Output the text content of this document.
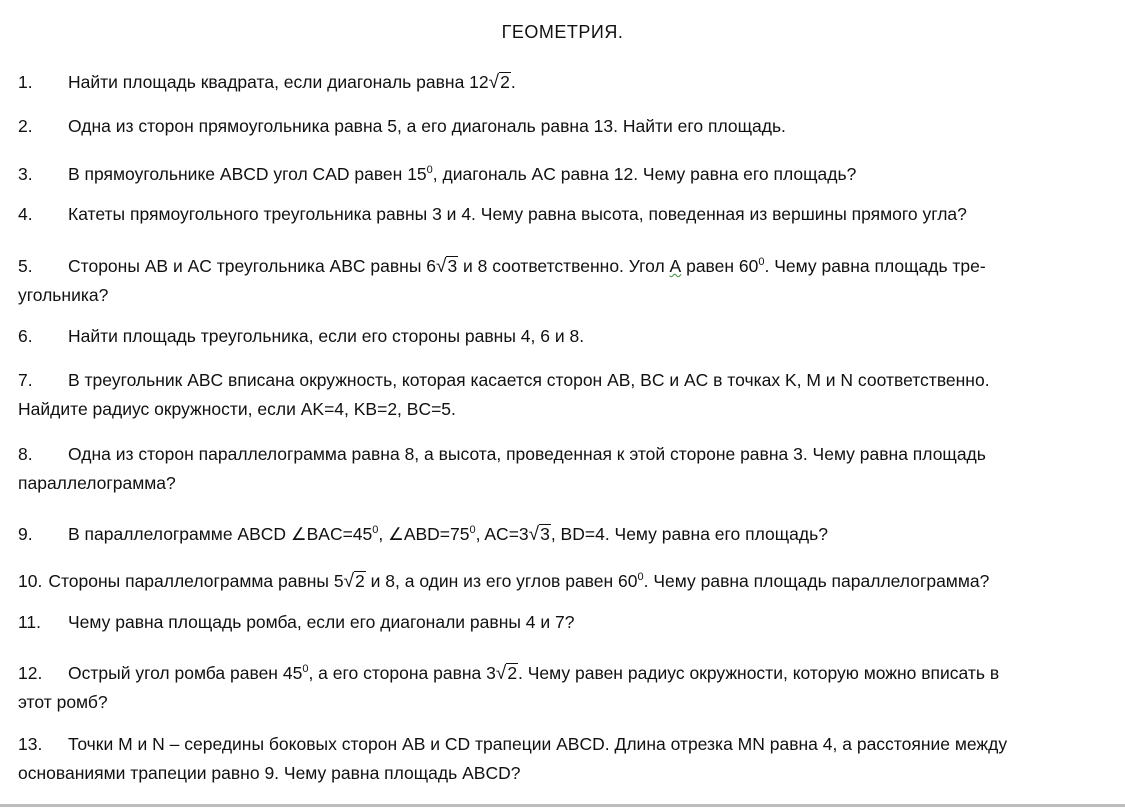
ГЕОМЕТРИЯ.
1. Найти площадь квадрата, если диагональ равна 12√2.
2. Одна из сторон прямоугольника равна 5, а его диагональ равна 13. Найти его площадь.
3. В прямоугольнике ABCD угол CAD равен $15^0$, диагональ AC равна 12. Чему равна его площадь?
4. Катеты прямоугольного треугольника равны 3 и 4. Чему равна высота, поведенная из вершины прямого угла?
5. Стороны AB и AC треугольника ABC равны 6√3 и 8 соответственно. Угол А равен $60^0$. Чему равна площадь тре-
угольника?
6. Найти площадь треугольника, если его стороны равны 4, 6 и 8.
7. В треугольник ABC вписана окружность, которая касается сторон AB, BC и AC в точках K, M и N соответственно.
Найдите радиус окружности, если AK=4, KB=2, BC=5.
8. Одна из сторон параллелограмма равна 8, а высота, проведенная к этой стороне равна 3. Чему равна площадь
параллелограмма?
9. В параллелограмме ABCD $\angle BAC=45^0$, $\angle ABD=75^0$, AC=3√3, BD=4. Чему равна его площадь?
10. Стороны параллелограмма равны 5√2 и 8, а один из его углов равен $60^0$. Чему равна площадь параллелограмма?
11. Чему равна площадь ромба, если его диагонали равны 4 и 7?
12. Острый угол ромба равен $45^0$, а его сторона равна 3√2. Чему равен радиус окружности, которую можно вписать в
этот ромб?
13. Точки M и N – середины боковых сторон AB и CD трапеции ABCD. Длина отрезка MN равна 4, а расстояние между
основаниями трапеции равно 9. Чему равна площадь ABCD?
